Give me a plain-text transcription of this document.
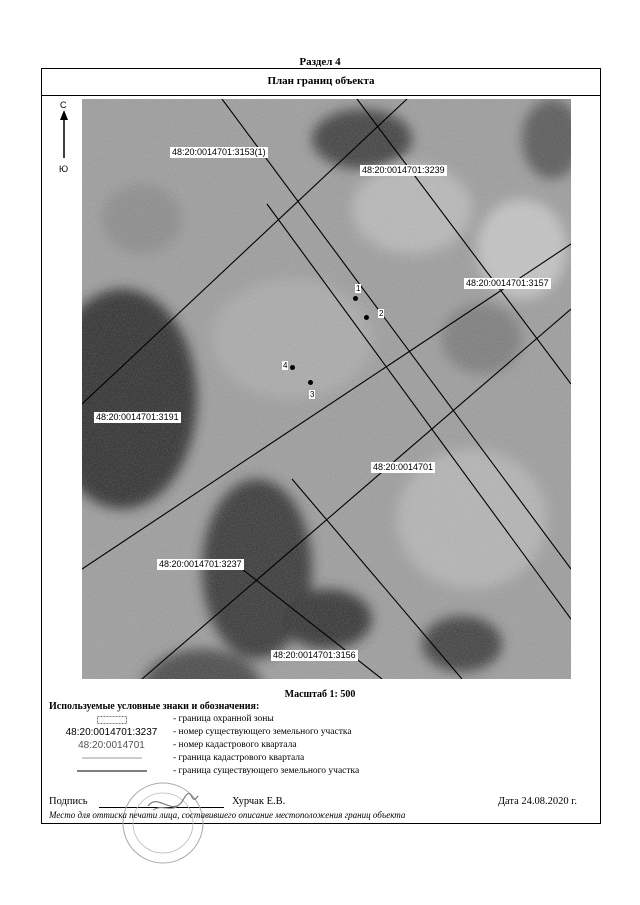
Раздел 4
План границ объекта
С
Ю
48:20:0014701:3153(1)
48:20:0014701:3239
48:20:0014701:3157
48:20:0014701:3191
48:20:0014701
48:20:0014701:3237
48:20:0014701:3156
1
2
3
4
Масштаб 1: 500
Используемые условные знаки и обозначения:
- граница охранной зоны
48:20:0014701:3237	- номер существующего земельного участка
48:20:0014701	- номер кадастрового квартала
- граница кадастрового квартала
- граница существующего земельного участка
Подпись	Хурчак Е.В.	Дата 24.08.2020 г.
Место для оттиска печати лица, составившего описание местоположения границ объекта
